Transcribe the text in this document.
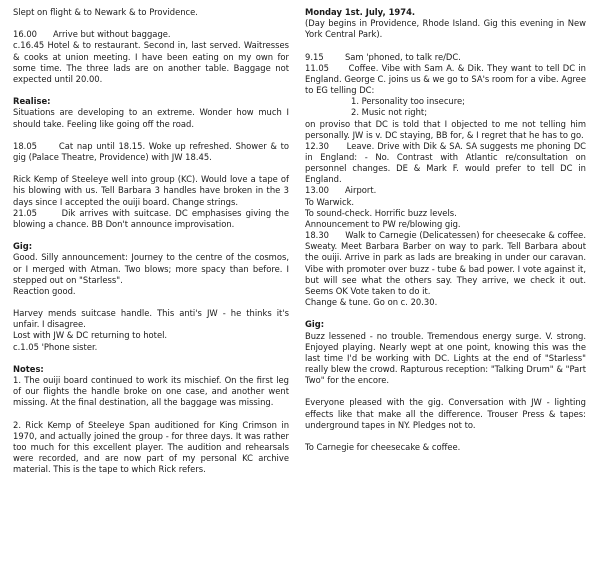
Slept on flight & to Newark & to Providence.
16.00      Arrive but without baggage.
c.16.45 Hotel & to restaurant. Second in, last served. Waitresses & cooks at union meeting. I have been eating on my own for some time. The three lads are on another table. Baggage not expected until 20.00.
Realise:
Situations are developing to an extreme. Wonder how much I should take. Feeling like going off the road.
18.05      Cat nap until 18.15. Woke up refreshed. Shower & to gig (Palace Theatre, Providence) with JW 18.45.
Rick Kemp of Steeleye well into group (KC). Would love a tape of his blowing with us. Tell Barbara 3 handles have broken in the 3 days since I accepted the ouiji board. Change strings.
21.05      Dik arrives with suitcase. DC emphasises giving the blowing a chance. BB Don't announce improvisation.
Gig:
Good. Silly announcement: Journey to the centre of the cosmos, or I merged with Atman. Two blows; more spacy than before. I stepped out on "Starless".
Reaction good.
Harvey mends suitcase handle. This anti's JW - he thinks it's unfair. I disagree.
Lost with JW & DC returning to hotel.
c.1.05 'Phone sister.
Notes:
1. The ouiji board continued to work its mischief. On the first leg of our flights the handle broke on one case, and another went missing. At the final destination, all the baggage was missing.
2. Rick Kemp of Steeleye Span auditioned for King Crimson in 1970, and actually joined the group - for three days. It was rather too much for this excellent player. The audition and rehearsals were recorded, and are now part of my personal KC archive material. This is the tape to which Rick refers.
Monday 1st. July, 1974.
(Day begins in Providence, Rhode Island. Gig this evening in New York Central Park).
9.15        Sam 'phoned, to talk re/DC.
11.05      Coffee. Vibe with Sam A. & Dik. They want to tell DC in England. George C. joins us & we go to SA's room for a vibe. Agree to EG telling DC:
1. Personality too insecure;
2. Music not right;
on proviso that DC is told that I objected to me not telling him personally. JW is v. DC staying, BB for, & I regret that he has to go.
12.30      Leave. Drive with Dik & SA. SA suggests me phoning DC in England: - No. Contrast with Atlantic re/consultation on personnel changes. DE & Mark F. would prefer to tell DC in England.
13.00      Airport.
To Warwick.
To sound-check. Horrific buzz levels.
Announcement to PW re/blowing gig.
18.30      Walk to Carnegie (Delicatessen) for cheesecake & coffee. Sweaty. Meet Barbara Barber on way to park. Tell Barbara about the ouiji. Arrive in park as lads are breaking in under our caravan. Vibe with promoter over buzz - tube & bad power. I vote against it, but will see what the others say. They arrive, we check it out. Seems OK Vote taken to do it.
Change & tune. Go on c. 20.30.
Gig:
Buzz lessened - no trouble. Tremendous energy surge. V. strong. Enjoyed playing. Nearly wept at one point, knowing this was the last time I'd be working with DC. Lights at the end of "Starless" really blew the crowd. Rapturous reception: "Talking Drum" & "Part Two" for the encore.
Everyone pleased with the gig. Conversation with JW - lighting effects like that make all the difference. Trouser Press & tapes: underground tapes in NY. Pledges not to.
To Carnegie for cheesecake & coffee.
